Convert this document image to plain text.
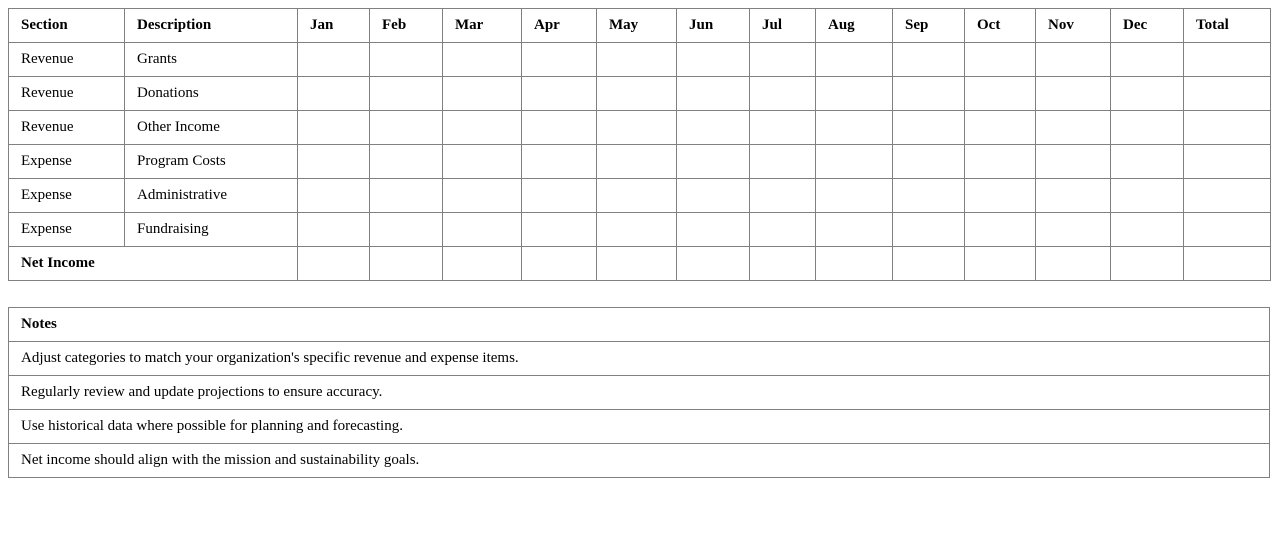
Section	Description	Jan	Feb	Mar	Apr	May	Jun	Jul	Aug	Sep	Oct	Nov	Dec	Total
Revenue	Grants													
Revenue	Donations													
Revenue	Other Income													
Expense	Program Costs													
Expense	Administrative													
Expense	Fundraising													
Net Income														
Notes
Adjust categories to match your organization's specific revenue and expense items.
Regularly review and update projections to ensure accuracy.
Use historical data where possible for planning and forecasting.
Net income should align with the mission and sustainability goals.
